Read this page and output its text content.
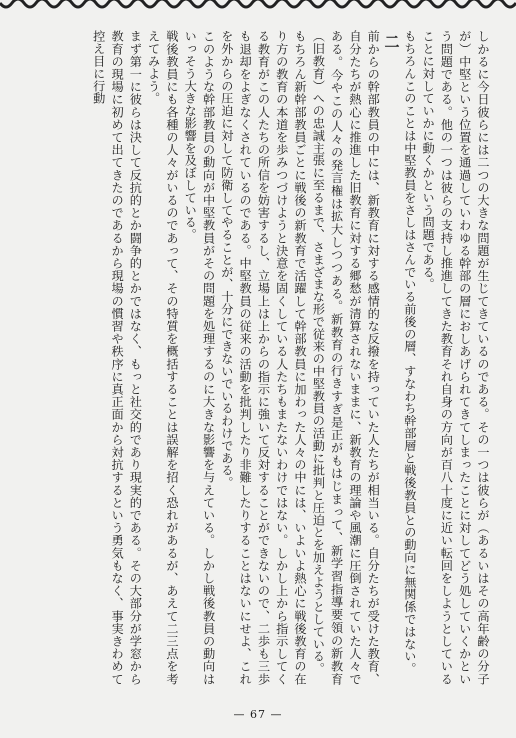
しかるに今日彼らには二つの大きな問題が生じてきているのである。その一つは彼らが（あるいはその高年齢の分子が）中堅という位置を通過していわゆる幹部の層におしあげられてきてしまったことに対してどう処していくかという問題である。他の一つは彼らの支持し推進してきた教育それ自身の方向が百八十度に近い転回をしようとしていることに対していかに動くかという問題である。

もちろんこのことは中堅教員をさしはさんでいる前後の層、すなわち幹部層と戦後教員との動向に無関係ではない。

二

前からの幹部教員の中には、新教育に対する感情的な反撥を持っていた人たちが相当いる。自分たちが受けた教育、自分たちが熱心に推進した旧教育に対する郷愁が清算されないままに、新教育の理論や風潮に圧倒されていた人々である。今やこの人々の発言権は拡大しつつある。新教育の行きすぎ是正がもはじまって、新学習指導要領の新教育（旧教育）への忠誠主張に至るまで、さまざまな形で従来の中堅教員の活動に批判と圧迫とを加えようとしている。

もちろん新幹部教員ごとに戦後の新教育で活躍して幹部教員に加わった人々の中には、いよいよ熱心に戦後教育の在り方の教育の本道を歩みつづけようと決意を固くしている人たちもまたないわけではない。しかし上から指示してくる教育がこの人たちの所信を妨害するし、立場上は上からの指示に強いて反対することができないので、二歩も三歩も退却をよぎなくされているのである。中堅教員の従来の活動を批判したり非難したりすることはないにせよ、これを外からの圧迫に対して防衛してやることが、十分にできないでいるわけである。

このような幹部教員の動向が中堅教員がその問題を処理するのに大きな影響を与えている。しかし戦後教員の動向はいっそう大きな影響を及ぼしている。

戦後教員にも各種の人々がいるのであって、その特質を概括することは誤解を招く恐れがあるが、あえて二三点を考えてみよう。

まず第一に彼らは決して反抗的とか闘争的とかではなく、もっと社交的であり現実的である。その大部分が学窓から教育の現場に初めて出てきたのであるから現場の慣習や秩序に真正面から対抗するという勇気もなく、事実きわめて控え目に行動

— 67 —
